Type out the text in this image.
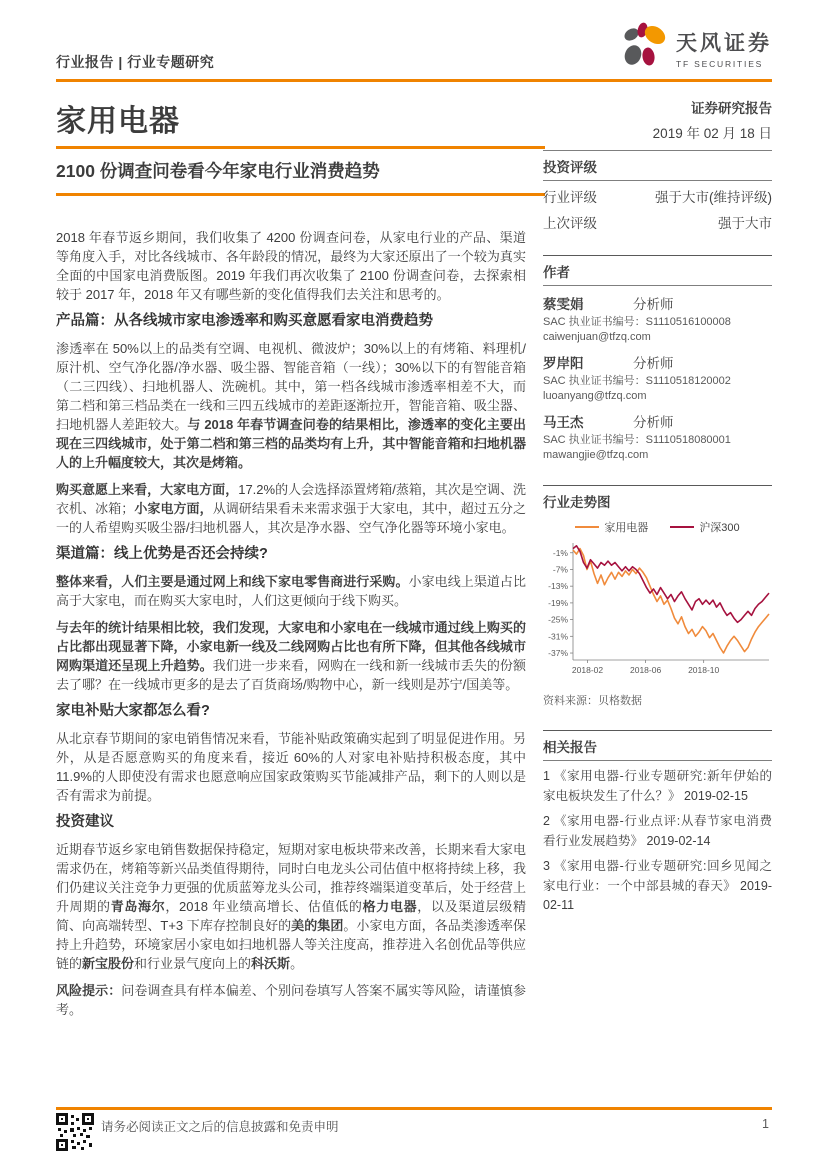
行业报告 | 行业专题研究
天风证券
TF SECURITIES
家用电器
2100 份调查问卷看今年家电行业消费趋势
2018 年春节返乡期间，我们收集了 4200 份调查问卷，从家电行业的产品、渠道等角度入手，对比各线城市、各年龄段的情况，最终为大家还原出了一个较为真实全面的中国家电消费版图。2019 年我们再次收集了 2100 份调查问卷，去探索相较于 2017 年，2018 年又有哪些新的变化值得我们去关注和思考的。
产品篇：从各线城市家电渗透率和购买意愿看家电消费趋势
渗透率在 50%以上的品类有空调、电视机、微波炉；30%以上的有烤箱、料理机/原汁机、空气净化器/净水器、吸尘器、智能音箱（一线）；30%以下的有智能音箱（二三四线）、扫地机器人、洗碗机。其中，第一档各线城市渗透率相差不大，而第二档和第三档品类在一线和三四五线城市的差距逐渐拉开，智能音箱、吸尘器、扫地机器人差距较大。与 2018 年春节调查问卷的结果相比，渗透率的变化主要出现在三四线城市，处于第二档和第三档的品类均有上升，其中智能音箱和扫地机器人的上升幅度较大，其次是烤箱。
购买意愿上来看，大家电方面，17.2%的人会选择添置烤箱/蒸箱，其次是空调、洗衣机、冰箱；小家电方面，从调研结果看未来需求强于大家电，其中，超过五分之一的人希望购买吸尘器/扫地机器人，其次是净水器、空气净化器等环境小家电。
渠道篇：线上优势是否还会持续?
整体来看，人们主要是通过网上和线下家电零售商进行采购。小家电线上渠道占比高于大家电，而在购买大家电时，人们这更倾向于线下购买。
与去年的统计结果相比较，我们发现，大家电和小家电在一线城市通过线上购买的占比都出现显著下降，小家电新一线及二线网购占比也有所下降，但其他各线城市网购渠道还呈现上升趋势。我们进一步来看，网购在一线和新一线城市丢失的份额去了哪？在一线城市更多的是去了百货商场/购物中心，新一线则是苏宁/国美等。
家电补贴大家都怎么看?
从北京春节期间的家电销售情况来看，节能补贴政策确实起到了明显促进作用。另外，从是否愿意购买的角度来看，接近 60%的人对家电补贴持积极态度，其中 11.9%的人即使没有需求也愿意响应国家政策购买节能减排产品，剩下的人则以是否有需求为前提。
投资建议
近期春节返乡家电销售数据保持稳定，短期对家电板块带来改善，长期来看大家电需求仍在，烤箱等新兴品类值得期待，同时白电龙头公司估值中枢将持续上移，我们仍建议关注竞争力更强的优质蓝筹龙头公司，推荐终端渠道变革后，处于经营上升周期的青岛海尔，2018 年业绩高增长、估值低的格力电器，以及渠道层级精简、向高端转型、T+3 下库存控制良好的美的集团。小家电方面，各品类渗透率保持上升趋势，环境家居小家电如扫地机器人等关注度高，推荐进入名创优品等供应链的新宝股份和行业景气度向上的科沃斯。
风险提示：问卷调查具有样本偏差、个别问卷填写人答案不属实等风险，请谨慎参考。
证券研究报告
2019 年 02 月 18 日
投资评级
行业评级	强于大市(维持评级)
上次评级	强于大市
作者
蔡雯娟	分析师
SAC 执业证书编号：S1110516100008
caiwenjuan@tfzq.com
罗岸阳	分析师
SAC 执业证书编号：S1110518120002
luoanyang@tfzq.com
马王杰	分析师
SAC 执业证书编号：S1110518080001
mawangjie@tfzq.com
行业走势图
家用电器	沪深300
-1%
-7%
-13%
-19%
-25%
-31%
-37%
2018-02	2018-06	2018-10
资料来源：贝格数据
相关报告
1 《家用电器-行业专题研究:新年伊始的家电板块发生了什么？》 2019-02-15
2 《家用电器-行业点评:从春节家电消费看行业发展趋势》 2019-02-14
3 《家用电器-行业专题研究:回乡见闻之家电行业：一个中部县城的春天》 2019-02-11
请务必阅读正文之后的信息披露和免责申明	1
